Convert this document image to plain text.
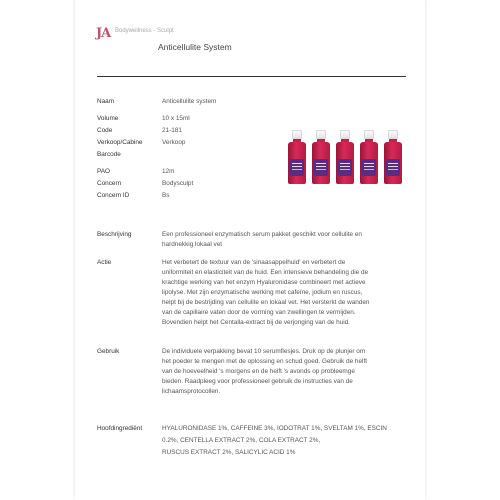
JA Bodywellness - Sculpt
Anticellulite System
Naam	Anticellulite system
Volume	10 x 15ml
Code	21-181
Verkoop/Cabine	Verkoop
Barcode
PAO	12m
Concern	Bodysculpt
Concern ID	Bs
Beschrijving	Een professioneel enzymatisch serum pakket geschikt voor cellulite en
hardnekkig lokaal vet
Actie	Het verbetert de textuur van de 'sinaasappelhuid' en verbetert de
uniformiteit en elasticiteit van de huid. Een intensieve behandeling die de
krachtige werking van het enzym Hyaluronidase combineert met actieve
lipolyse. Met zijn enzymatische werking met cafeïne, jodium en ruscus,
helpt bij de bestrijding van cellulite en lokaal vet. Het versterkt de wanden
van de capillaire vaten door de vorming van zwellingen te vermijden.
Bovendien helpt het Centalla-extract bij de verjonging van de huid.
Gebruik	De individuele verpakking bevat 10 serumflesjes. Druk op de plunjer om
het poeder te mengen met de oplossing en schud goed. Gebruik de helft
van de hoeveelheid 's morgens en de helft 's avonds op probleemge
bieden. Raadpleeg voor professioneel gebruik de instructies van de
lichaamsprotocollen.
Hoofdingrediënt	HYALURONIDASE 1%, CAFFEINE 3%, IODOTRAT 1%, SVELTAM 1%, ESCIN
0.2%, CENTELLA EXTRACT 2%, COLA EXTRACT 2%,
RUSCUS EXTRACT 2%, SALICYLIC ACID 1%
